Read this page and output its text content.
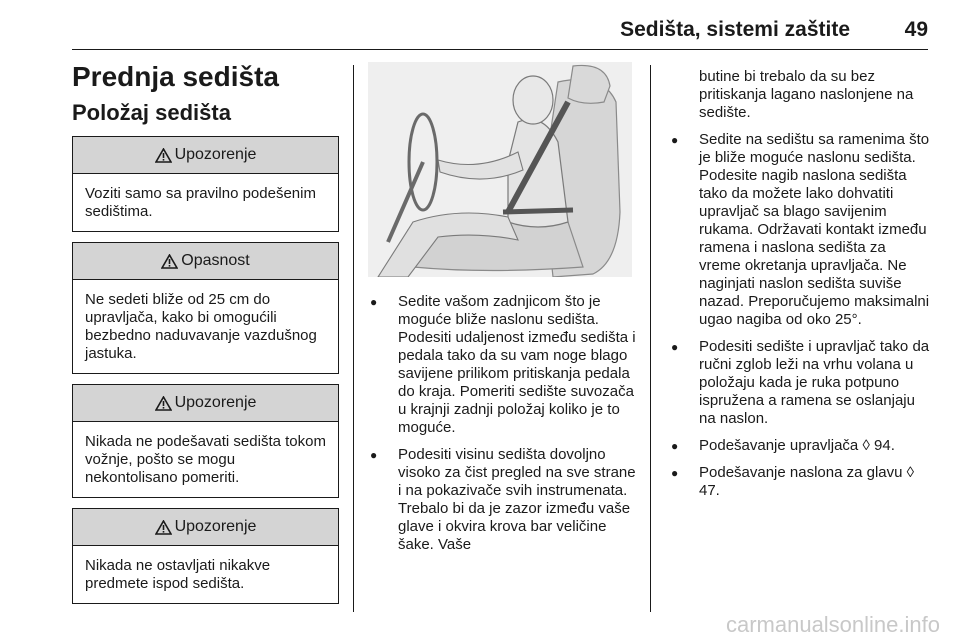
Sedišta, sistemi zaštite	49
Prednja sedišta
Položaj sedišta
Upozorenje
Voziti samo sa pravilno podešenim sedištima.
Opasnost
Ne sedeti bliže od 25 cm do upravljača, kako bi omogućili bezbedno naduvavanje vazdušnog jastuka.
Upozorenje
Nikada ne podešavati sedišta tokom vožnje, pošto se mogu nekontolisano pomeriti.
Upozorenje
Nikada ne ostavljati nikakve predmete ispod sedišta.
● Sedite vašom zadnjicom što je moguće bliže naslonu sedišta. Podesiti udaljenost između sedišta i pedala tako da su vam noge blago savijene prilikom pritiskanja pedala do kraja. Pomeriti sedište suvozača u krajnji zadnji položaj koliko je to moguće.
● Podesiti visinu sedišta dovoljno visoko za čist pregled na sve strane i na pokazivače svih instrumenata. Trebalo bi da je zazor između vaše glave i okvira krova bar veličine šake. Vaše
butine bi trebalo da su bez pritiskanja lagano naslonjene na sedište.
● Sedite na sedištu sa ramenima što je bliže moguće naslonu sedišta. Podesite nagib naslona sedišta tako da možete lako dohvatiti upravljač sa blago savijenim rukama. Održavati kontakt između ramena i naslona sedišta za vreme okretanja upravljača. Ne naginjati naslon sedišta suviše nazad. Preporučujemo maksimalni ugao nagiba od oko 25°.
● Podesiti sedište i upravljač tako da ručni zglob leži na vrhu volana u položaju kada je ruka potpuno ispružena a ramena se oslanjaju na naslon.
● Podešavanje upravljača ◊ 94.
● Podešavanje naslona za glavu ◊ 47.
carmanualsonline.info
